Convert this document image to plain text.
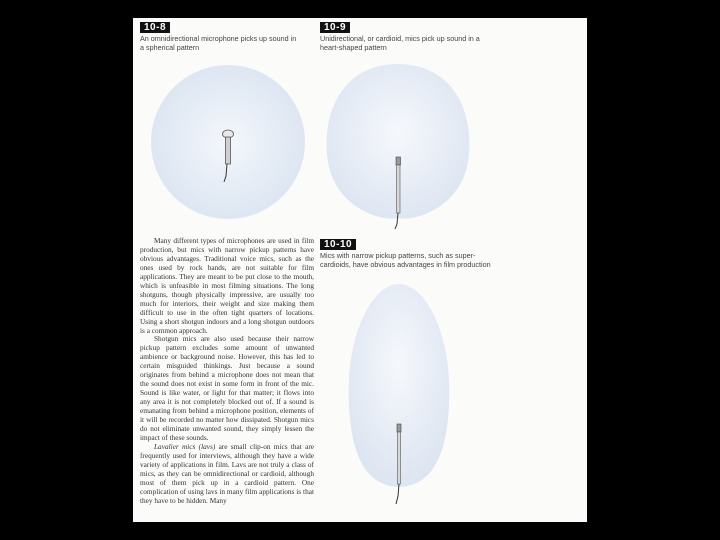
10-8
An omnidirectional microphone picks up sound in a spherical pattern
10-9
Unidirectional, or cardioid, mics pick up sound in a heart-shaped pattern
10-10
Mics with narrow pickup patterns, such as super-cardioids, have obvious advantages in film production

Many different types of microphones are used in film production, but mics with narrow pickup patterns have obvious advantages. Traditional voice mics, such as the ones used by rock bands, are not suitable for film applications. They are meant to be put close to the mouth, which is unfeasible in most filming situations. The long shotguns, though physically impressive, are usually too much for interiors, their weight and size making them difficult to use in the often tight quarters of locations. Using a short shotgun indoors and a long shotgun outdoors is a common approach.

Shotgun mics are also used because their narrow pickup pattern excludes some amount of unwanted ambience or background noise. However, this has led to certain misguided thinkings. Just because a sound originates from behind a microphone does not mean that the sound does not exist in some form in front of the mic. Sound is like water, or light for that matter; it flows into any area it is not completely blocked out of. If a sound is emanating from behind a microphone position, elements of it will be recorded no matter how dissipated. Shotgun mics do not eliminate unwanted sound, they simply lessen the impact of these sounds.

Lavalier mics (lavs) are small clip-on mics that are frequently used for interviews, although they have a wide variety of applications in film. Lavs are not truly a class of mics, as they can be omnidirectional or cardioid, although most of them pick up in a cardioid pattern. One complication of using lavs in many film applications is that they have to be hidden. Many
